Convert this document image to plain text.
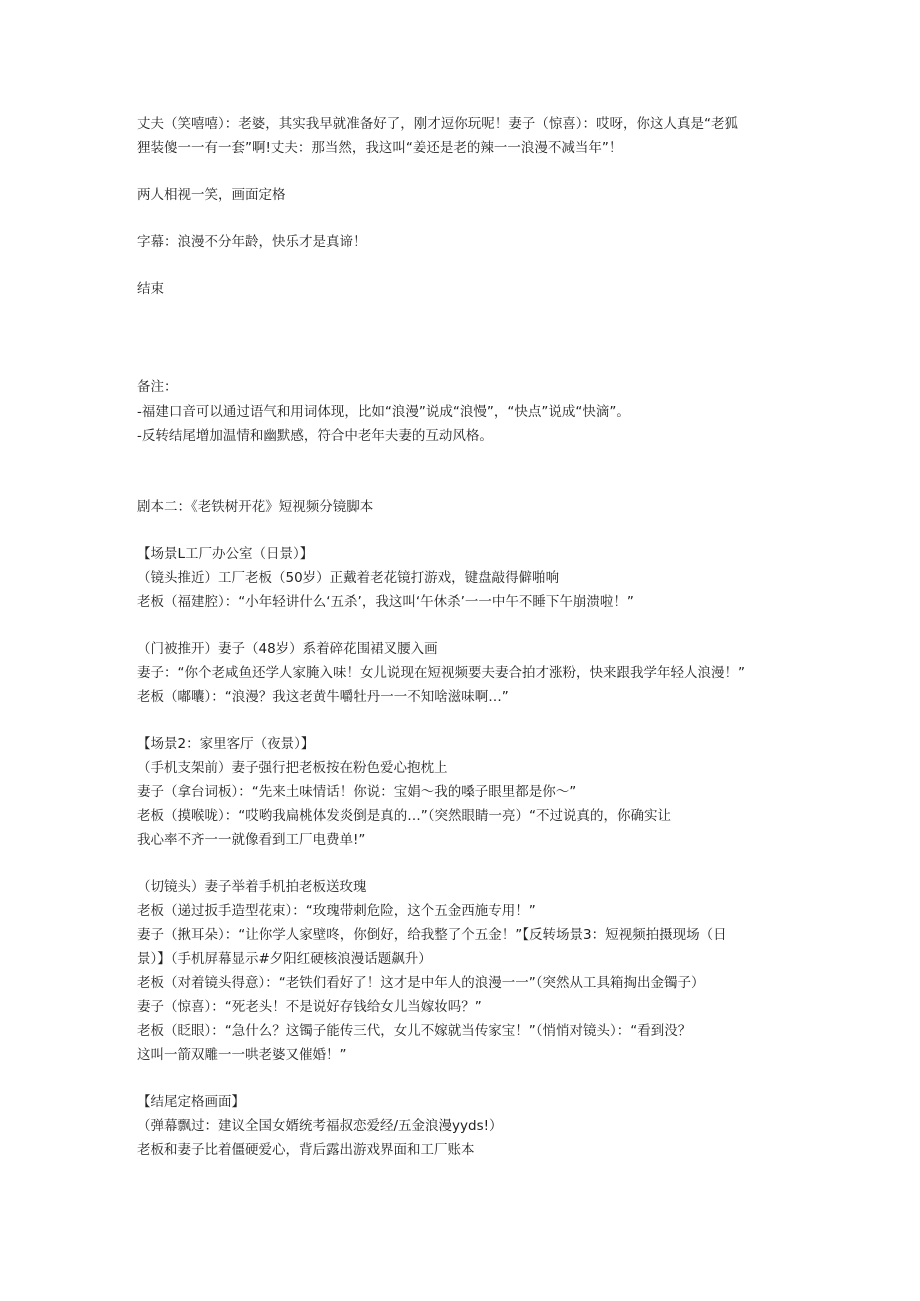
丈夫（笑嘻嘻）：老婆，其实我早就准备好了，刚才逗你玩呢！妻子（惊喜）：哎呀，你这人真是“老狐
狸装傻一一有一套”啊!丈夫：那当然，我这叫“姜还是老的辣一一浪漫不减当年”！
两人相视一笑，画面定格
字幕：浪漫不分年龄，快乐才是真谛！
结束
备注：
-福建口音可以通过语气和用词体现，比如“浪漫”说成“浪慢”，“快点”说成“快滴”。
-反转结尾增加温情和幽默感，符合中老年夫妻的互动风格。
剧本二：《老铁树开花》短视频分镜脚本
【场景L工厂办公室（日景）】
（镜头推近）工厂老板（50岁）正戴着老花镜打游戏，键盘敲得僻啪响
老板（福建腔）：“小年轻讲什么‘五杀’，我这叫‘午休杀’一一中午不睡下午崩溃啦！”
（门被推开）妻子（48岁）系着碎花围裙叉腰入画
妻子：“你个老咸鱼还学人家腌入味！女儿说现在短视频要夫妻合拍才涨粉，快来跟我学年轻人浪漫！”
老板（嘟囔）：“浪漫？我这老黄牛嚼牡丹一一不知啥滋味啊…”
【场景2：家里客厅（夜景）】
（手机支架前）妻子强行把老板按在粉色爱心抱枕上
妻子（拿台词板）：“先来土味情话！你说：宝娟〜我的嗓子眼里都是你〜”
老板（摸喉咙）：“哎哟我扁桃体发炎倒是真的…”（突然眼睛一亮）“不过说真的，你确实让
我心率不齐一一就像看到工厂电费单!”
（切镜头）妻子举着手机拍老板送玫瑰
老板（递过扳手造型花束）：“玫瑰带刺危险，这个五金西施专用！”
妻子（揪耳朵）：“让你学人家壁咚，你倒好，给我整了个五金！”【反转场景3：短视频拍摄现场（日
景）】（手机屏幕显示#夕阳红硬核浪漫话题飙升）
老板（对着镜头得意）：“老铁们看好了！这才是中年人的浪漫一一”（突然从工具箱掏出金镯子）
妻子（惊喜）：“死老头！不是说好存钱给女儿当嫁妆吗？”
老板（眨眼）：“急什么？这镯子能传三代，女儿不嫁就当传家宝！”（悄悄对镜头）：“看到没？
这叫一箭双雕一一哄老婆又催婚！”
【结尾定格画面】
（弹幕飘过：建议全国女婿统考福叔恋爱经/五金浪漫yyds!）
老板和妻子比着僵硬爱心，背后露出游戏界面和工厂账本
